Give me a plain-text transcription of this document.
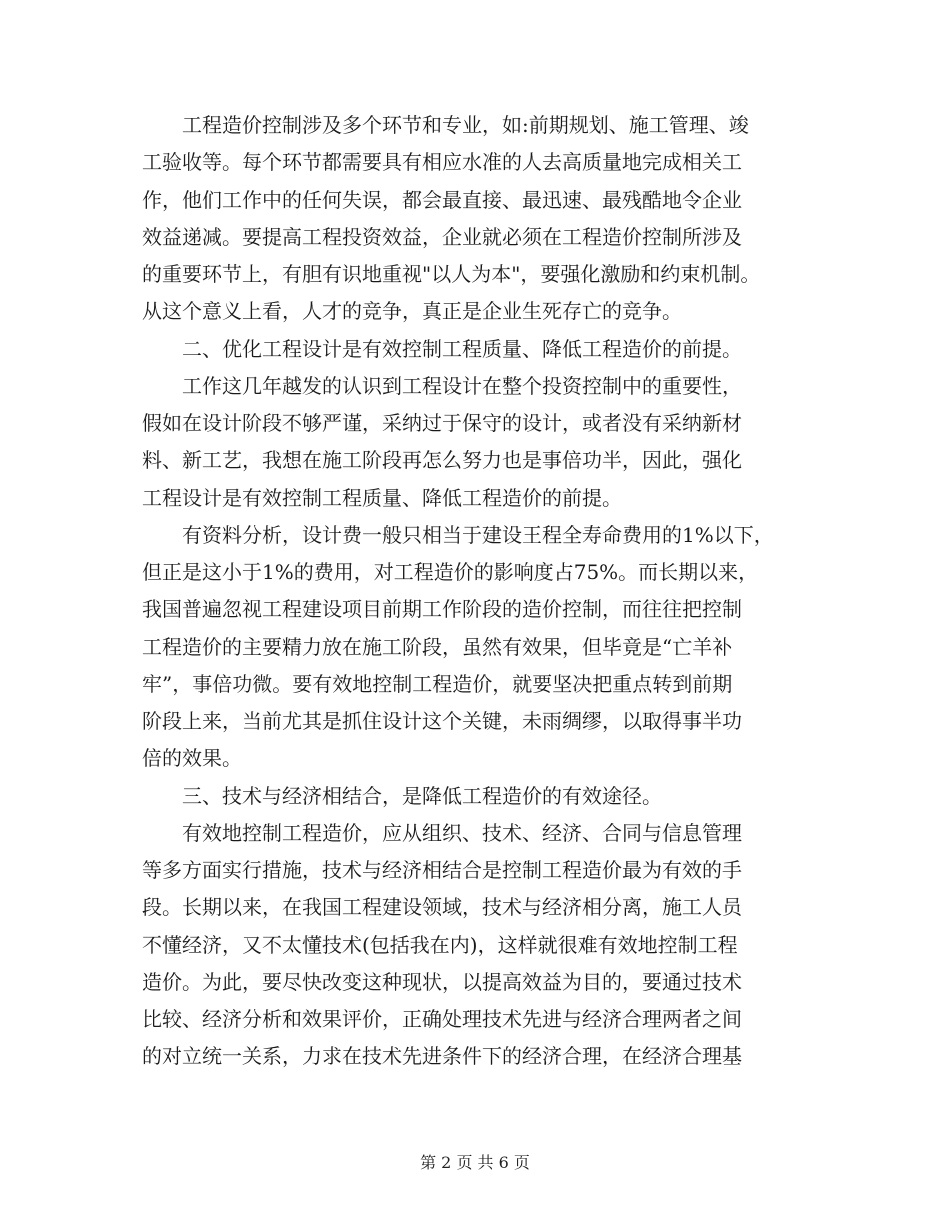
　　工程造价控制涉及多个环节和专业，如:前期规划、施工管理、竣
工验收等。每个环节都需要具有相应水准的人去高质量地完成相关工
作，他们工作中的任何失误，都会最直接、最迅速、最残酷地令企业
效益递减。要提高工程投资效益，企业就必须在工程造价控制所涉及
的重要环节上，有胆有识地重视"以人为本"，要强化激励和约束机制。
从这个意义上看，人才的竞争，真正是企业生死存亡的竞争。
　　二、优化工程设计是有效控制工程质量、降低工程造价的前提。
　　工作这几年越发的认识到工程设计在整个投资控制中的重要性，
假如在设计阶段不够严谨，采纳过于保守的设计，或者没有采纳新材
料、新工艺，我想在施工阶段再怎么努力也是事倍功半，因此，强化
工程设计是有效控制工程质量、降低工程造价的前提。
　　有资料分析，设计费一般只相当于建设王程全寿命费用的1%以下，
但正是这小于1%的费用，对工程造价的影响度占75%。而长期以来，
我国普遍忽视工程建设项目前期工作阶段的造价控制，而往往把控制
工程造价的主要精力放在施工阶段，虽然有效果，但毕竟是“亡羊补
牢”，事倍功微。要有效地控制工程造价，就要坚决把重点转到前期
阶段上来，当前尤其是抓住设计这个关键，未雨绸缪，以取得事半功
倍的效果。
　　三、技术与经济相结合，是降低工程造价的有效途径。
　　有效地控制工程造价，应从组织、技术、经济、合同与信息管理
等多方面实行措施，技术与经济相结合是控制工程造价最为有效的手
段。长期以来，在我国工程建设领域，技术与经济相分离，施工人员
不懂经济，又不太懂技术(包括我在内)，这样就很难有效地控制工程
造价。为此，要尽快改变这种现状，以提高效益为目的，要通过技术
比较、经济分析和效果评价，正确处理技术先进与经济合理两者之间
的对立统一关系，力求在技术先进条件下的经济合理，在经济合理基
第 2 页 共 6 页
